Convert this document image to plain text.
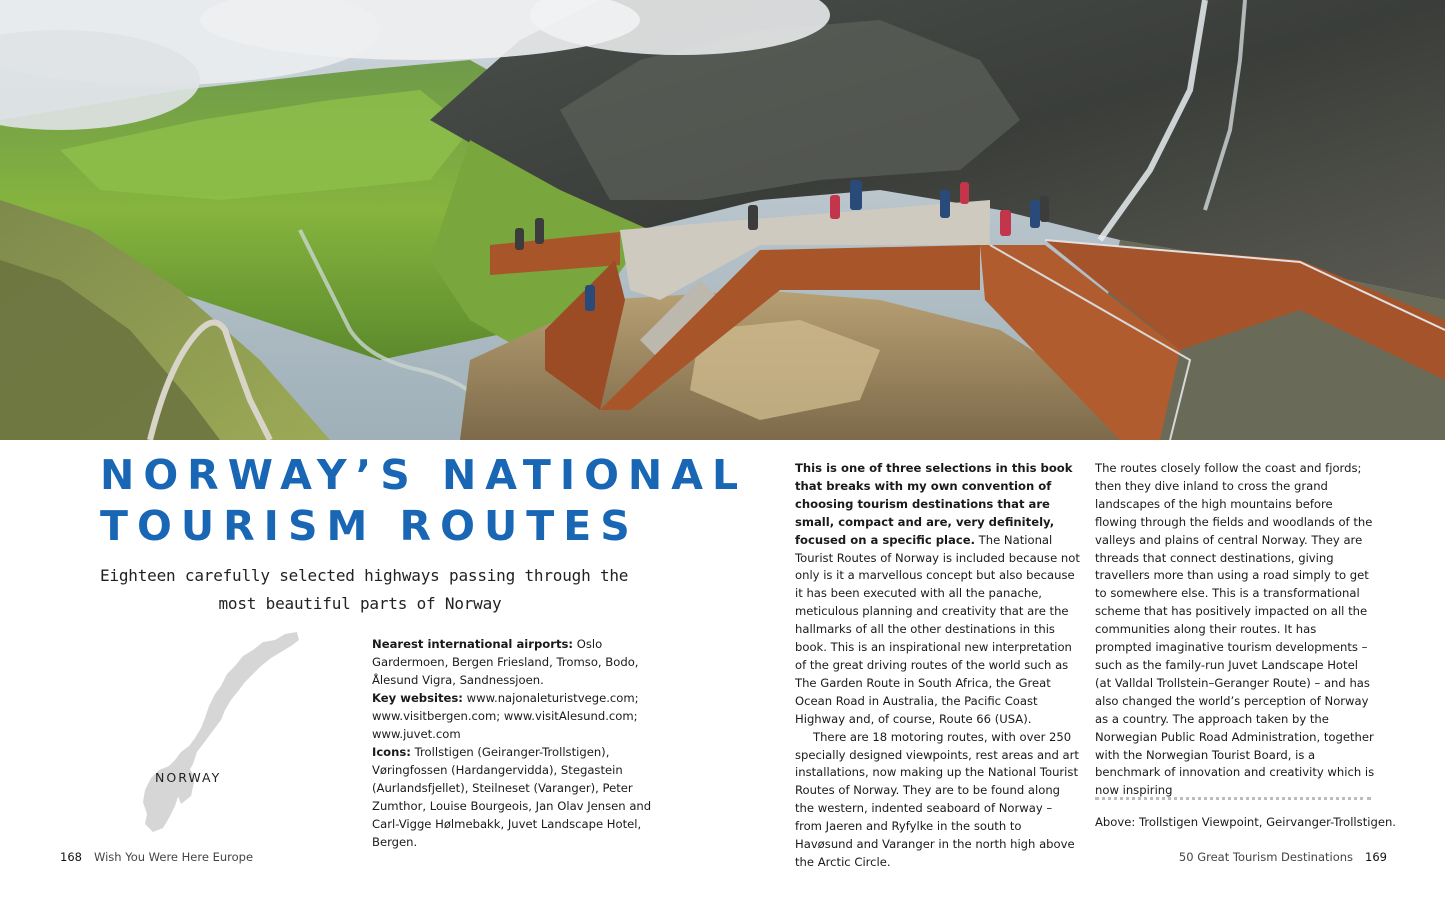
NORWAY’S NATIONAL
TOURISM ROUTES
Eighteen carefully selected highways passing through the
most beautiful parts of Norway
NORWAY

Nearest international airports: Oslo Gardermoen, Bergen Friesland, Tromso, Bodo, Ålesund Vigra, Sandnessjoen.

Key websites: www.najonaleturistvege.com; www.visitbergen.com; www.visitAlesund.com; www.juvet.com

Icons: Trollstigen (Geiranger-Trollstigen), Vøringfossen (Hardangervidda), Stegastein (Aurlandsfjellet), Steilneset (Varanger), Peter Zumthor, Louise Bourgeois, Jan Olav Jensen and Carl-Vigge Hølmebakk, Juvet Landscape Hotel, Bergen.

This is one of three selections in this book that breaks with my own convention of choosing tourism destinations that are small, compact and are, very definitely, focused on a specific place. The National Tourist Routes of Norway is included because not only is it a marvellous concept but also because it has been executed with all the panache, meticulous planning and creativity that are the hallmarks of all the other destinations in this book. This is an inspirational new interpretation of the great driving routes of the world such as The Garden Route in South Africa, the Great Ocean Road in Australia, the Pacific Coast Highway and, of course, Route 66 (USA).

There are 18 motoring routes, with over 250 specially designed viewpoints, rest areas and art installations, now making up the National Tourist Routes of Norway. They are to be found along the western, indented seaboard of Norway – from Jaeren and Ryfylke in the south to Havøsund and Varanger in the north high above the Arctic Circle.

The routes closely follow the coast and fjords; then they dive inland to cross the grand landscapes of the high mountains before flowing through the fields and woodlands of the valleys and plains of central Norway. They are threads that connect destinations, giving travellers more than using a road simply to get to somewhere else. This is a transformational scheme that has positively impacted on all the communities along their routes. It has prompted imaginative tourism developments – such as the family-run Juvet Landscape Hotel (at Valldal Trollstein–Geranger Route) – and has also changed the world’s perception of Norway as a country. The approach taken by the Norwegian Public Road Administration, together with the Norwegian Tourist Board, is a benchmark of innovation and creativity which is now inspiring

Above: Trollstigen Viewpoint, Geirvanger-Trollstigen.
168 Wish You Were Here Europe	50 Great Tourism Destinations 169
